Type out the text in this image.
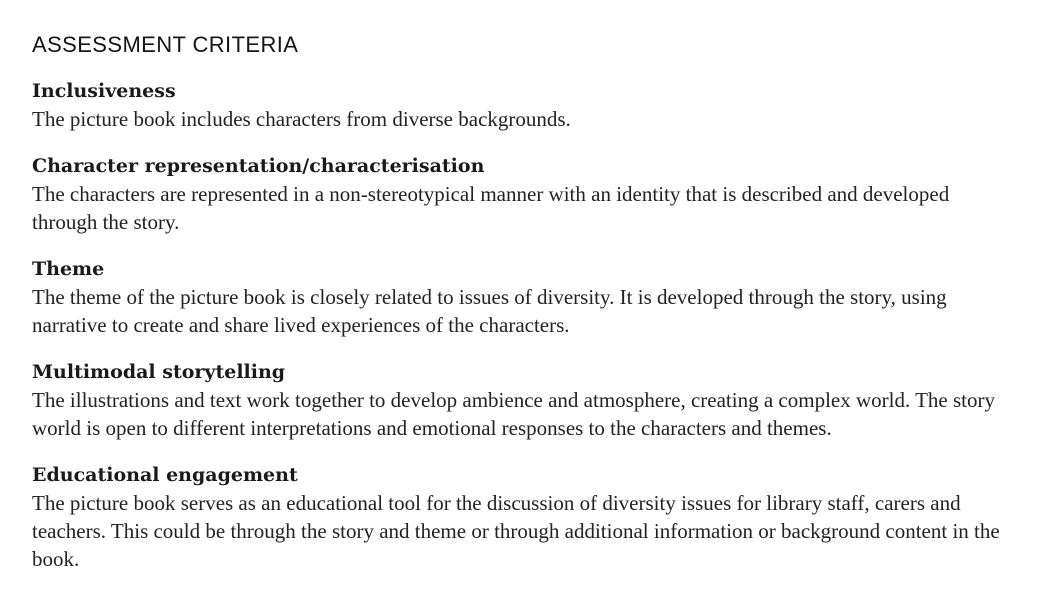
ASSESSMENT CRITERIA

Inclusiveness

The picture book includes characters from diverse backgrounds.

Character representation/characterisation

The characters are represented in a non-stereotypical manner with an identity that is described and developed through the story.

Theme

The theme of the picture book is closely related to issues of diversity. It is developed through the story, using narrative to create and share lived experiences of the characters.

Multimodal storytelling

The illustrations and text work together to develop ambience and atmosphere, creating a complex world. The story world is open to different interpretations and emotional responses to the characters and themes.

Educational engagement

The picture book serves as an educational tool for the discussion of diversity issues for library staff, carers and teachers. This could be through the story and theme or through additional information or background content in the book.
